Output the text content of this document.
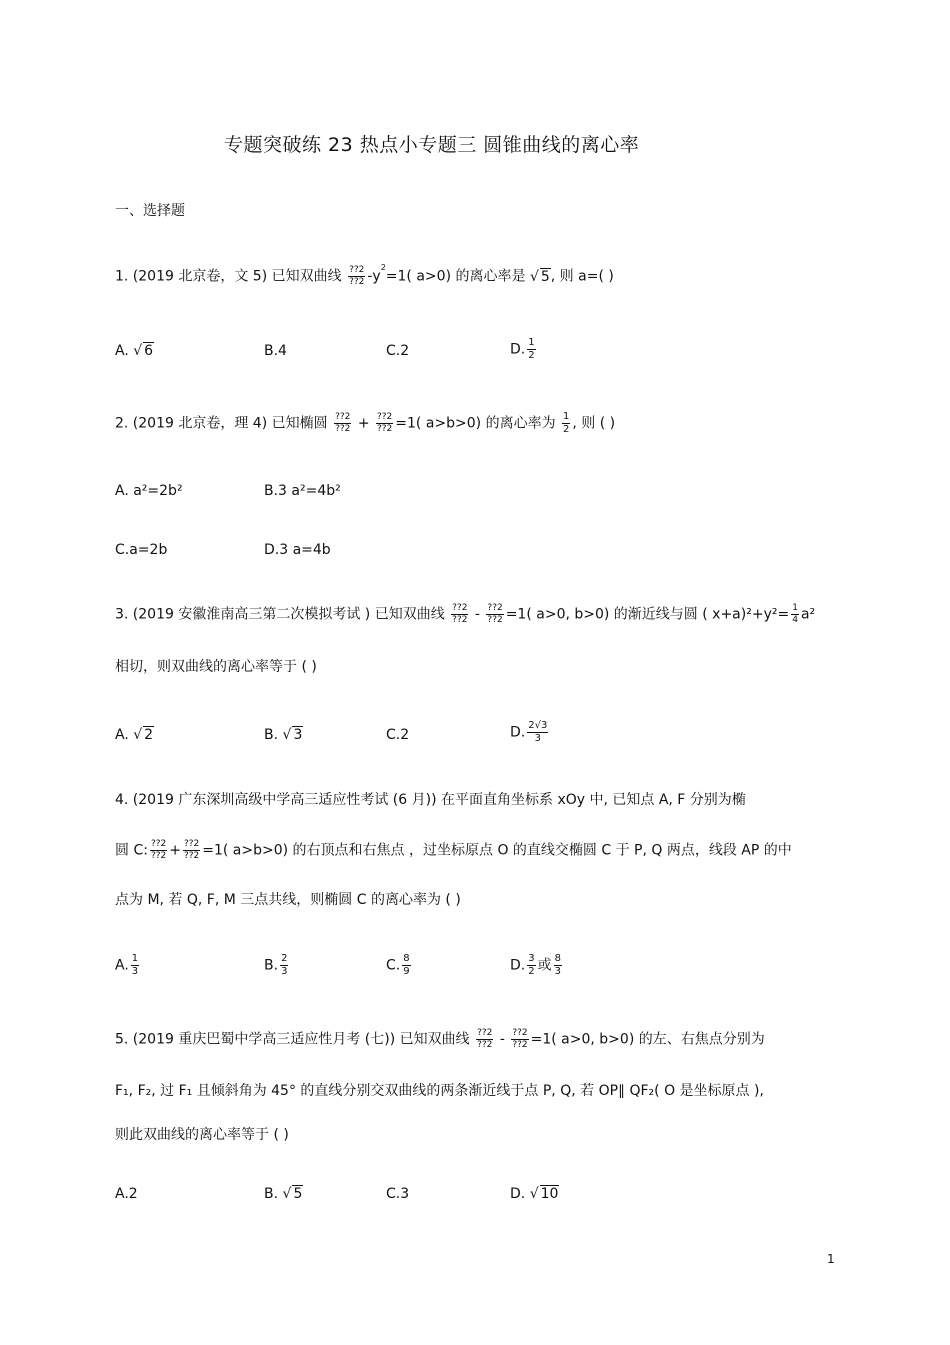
专题突破练 23 热点小专题三 圆锥曲线的离心率
一、选择题
1. (2019 北京卷，文 5) 已知双曲线 $\frac{??2}{??2} -y^2=1$( a>0) 的离心率是 √ 5, 则 a=( )
A. √ 6	B.4	C.2	D. $\frac{1}{2}$
2. (2019 北京卷，理 4) 已知椭圆 $\frac{??2}{??2} + \frac{??2}{??2} =1$( a>b>0) 的离心率为 $\frac{1}{2}$ , 则 ( )
A. a²=2b²	B.3 a²=4b²
C.a=2b	D.3 a=4b
3. (2019 安徽淮南高三第二次模拟考试 ) 已知双曲线 $\frac{??2}{??2} - \frac{??2}{??2} =1$( a>0, b>0) 的渐近线与圆 ( $x+a)^2+y^2= \frac{1}{4} a^2$
相切，则双曲线的离心率等于 ( )
A. √ 2	B. √ 3	C.2	D. $\frac{2√3}{3}$
4. (2019 广东深圳高级中学高三适应性考试 (6 月)) 在平面直角坐标系 xOy 中, 已知点 A, F 分别为椭
圆 C: $\frac{??2}{??2} + \frac{??2}{??2} =1$( a>b>0) 的右顶点和右焦点 ，过坐标原点 O 的直线交椭圆 C 于 P, Q 两点，线段 AP 的中
点为 M, 若 Q, F, M 三点共线，则椭圆 C 的离心率为 ( )
A. $\frac{1}{3}$	B. $\frac{2}{3}$	C. $\frac{8}{9}$	D. $\frac{3}{2}$ 或 $\frac{8}{3}$
5. (2019 重庆巴蜀中学高三适应性月考 (七)) 已知双曲线 $\frac{??2}{??2} - \frac{??2}{??2} =1$( a>0, b>0) 的左、右焦点分别为
F₁, F₂, 过 F₁ 且倾斜角为 45° 的直线分别交双曲线的两条渐近线于点 P, Q, 若 OP∥ QF₂( O 是坐标原点 ),
则此双曲线的离心率等于 ( )
A.2	B. √ 5	C.3	D. √ 10
1
